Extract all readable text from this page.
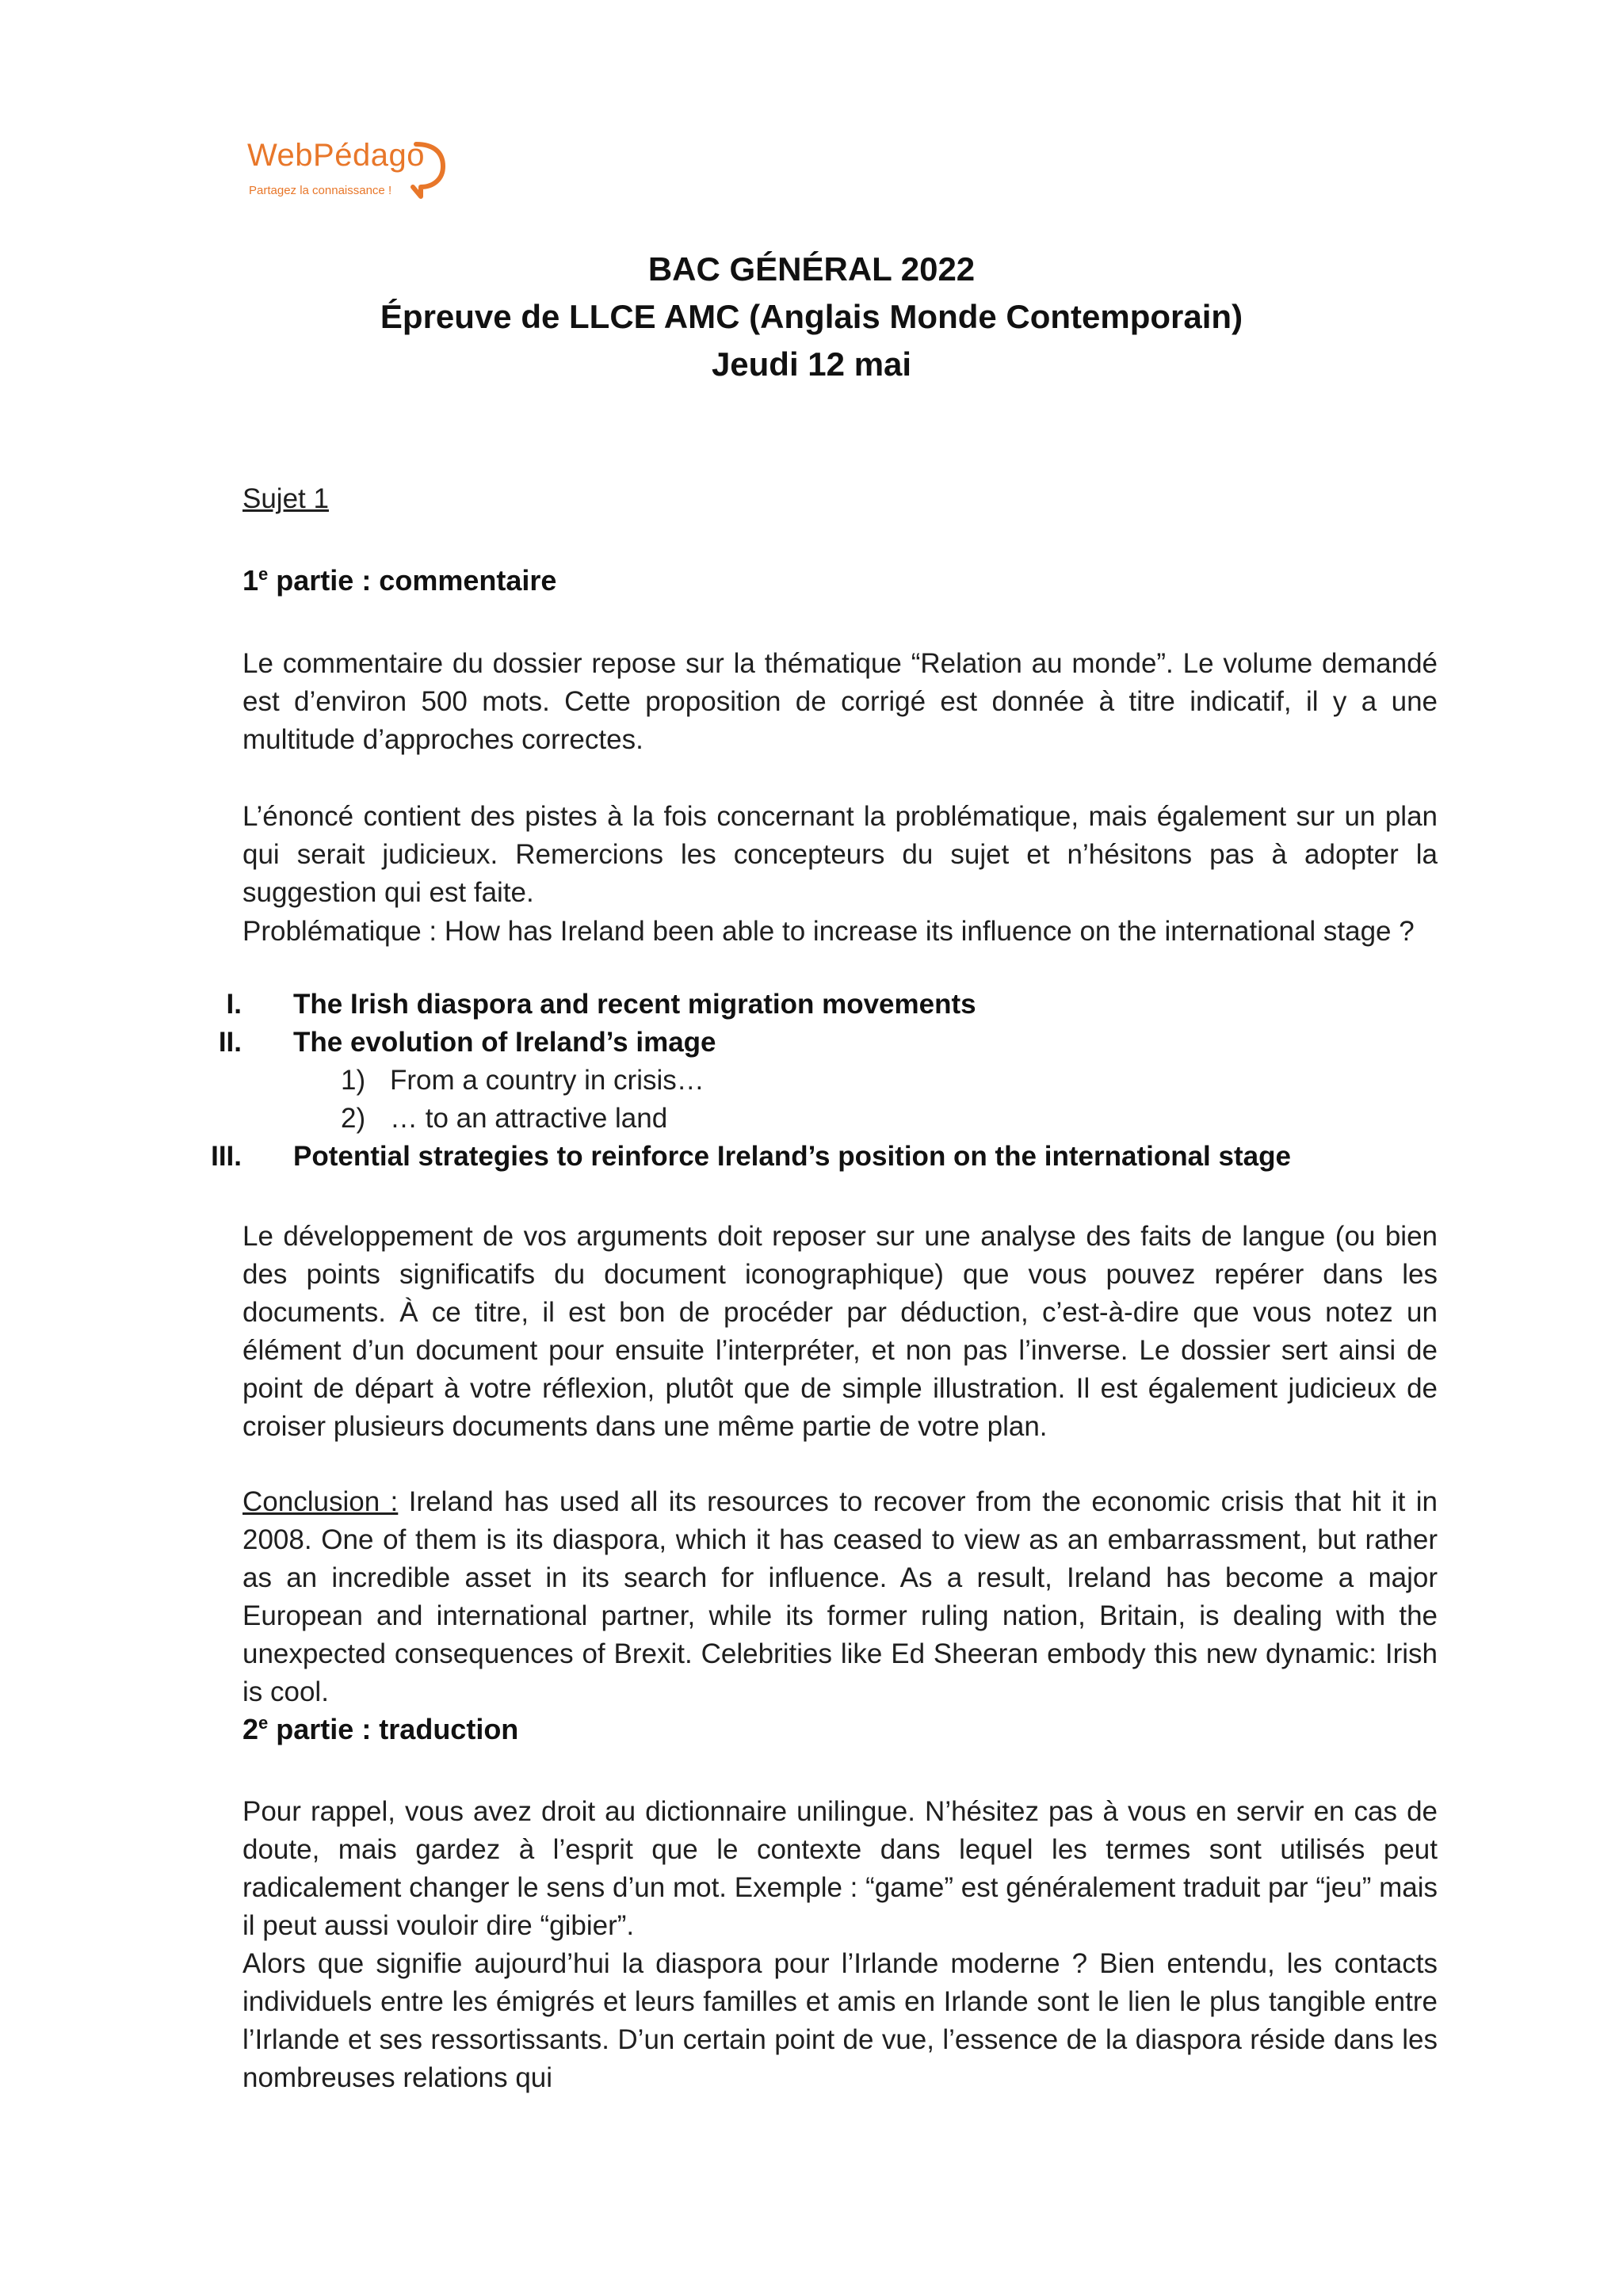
WebPédago
Partagez la connaissance !
BAC GÉNÉRAL 2022
Épreuve de LLCE AMC (Anglais Monde Contemporain)
Jeudi 12 mai
Sujet 1
1e partie : commentaire
Le commentaire du dossier repose sur la thématique “Relation au monde”. Le volume demandé est d’environ 500 mots. Cette proposition de corrigé est donnée à titre indicatif, il y a une multitude d’approches correctes.
L’énoncé contient des pistes à la fois concernant la problématique, mais également sur un plan qui serait judicieux. Remercions les concepteurs du sujet et n’hésitons pas à adopter la suggestion qui est faite.
Problématique : How has Ireland been able to increase its influence on the international stage ?
I. The Irish diaspora and recent migration movements
II. The evolution of Ireland’s image
1) From a country in crisis…
2) … to an attractive land
III. Potential strategies to reinforce Ireland’s position on the international stage
Le développement de vos arguments doit reposer sur une analyse des faits de langue (ou bien des points significatifs du document iconographique) que vous pouvez repérer dans les documents. À ce titre, il est bon de procéder par déduction, c’est-à-dire que vous notez un élément d’un document pour ensuite l’interpréter, et non pas l’inverse. Le dossier sert ainsi de point de départ à votre réflexion, plutôt que de simple illustration. Il est également judicieux de croiser plusieurs documents dans une même partie de votre plan.
Conclusion : Ireland has used all its resources to recover from the economic crisis that hit it in 2008. One of them is its diaspora, which it has ceased to view as an embarrassment, but rather as an incredible asset in its search for influence. As a result, Ireland has become a major European and international partner, while its former ruling nation, Britain, is dealing with the unexpected consequences of Brexit. Celebrities like Ed Sheeran embody this new dynamic: Irish is cool.
2e partie : traduction
Pour rappel, vous avez droit au dictionnaire unilingue. N’hésitez pas à vous en servir en cas de doute, mais gardez à l’esprit que le contexte dans lequel les termes sont utilisés peut radicalement changer le sens d’un mot. Exemple : “game” est généralement traduit par “jeu” mais il peut aussi vouloir dire “gibier”.
Alors que signifie aujourd’hui la diaspora pour l’Irlande moderne ? Bien entendu, les contacts individuels entre les émigrés et leurs familles et amis en Irlande sont le lien le plus tangible entre l’Irlande et ses ressortissants. D’un certain point de vue, l’essence de la diaspora réside dans les nombreuses relations qui
